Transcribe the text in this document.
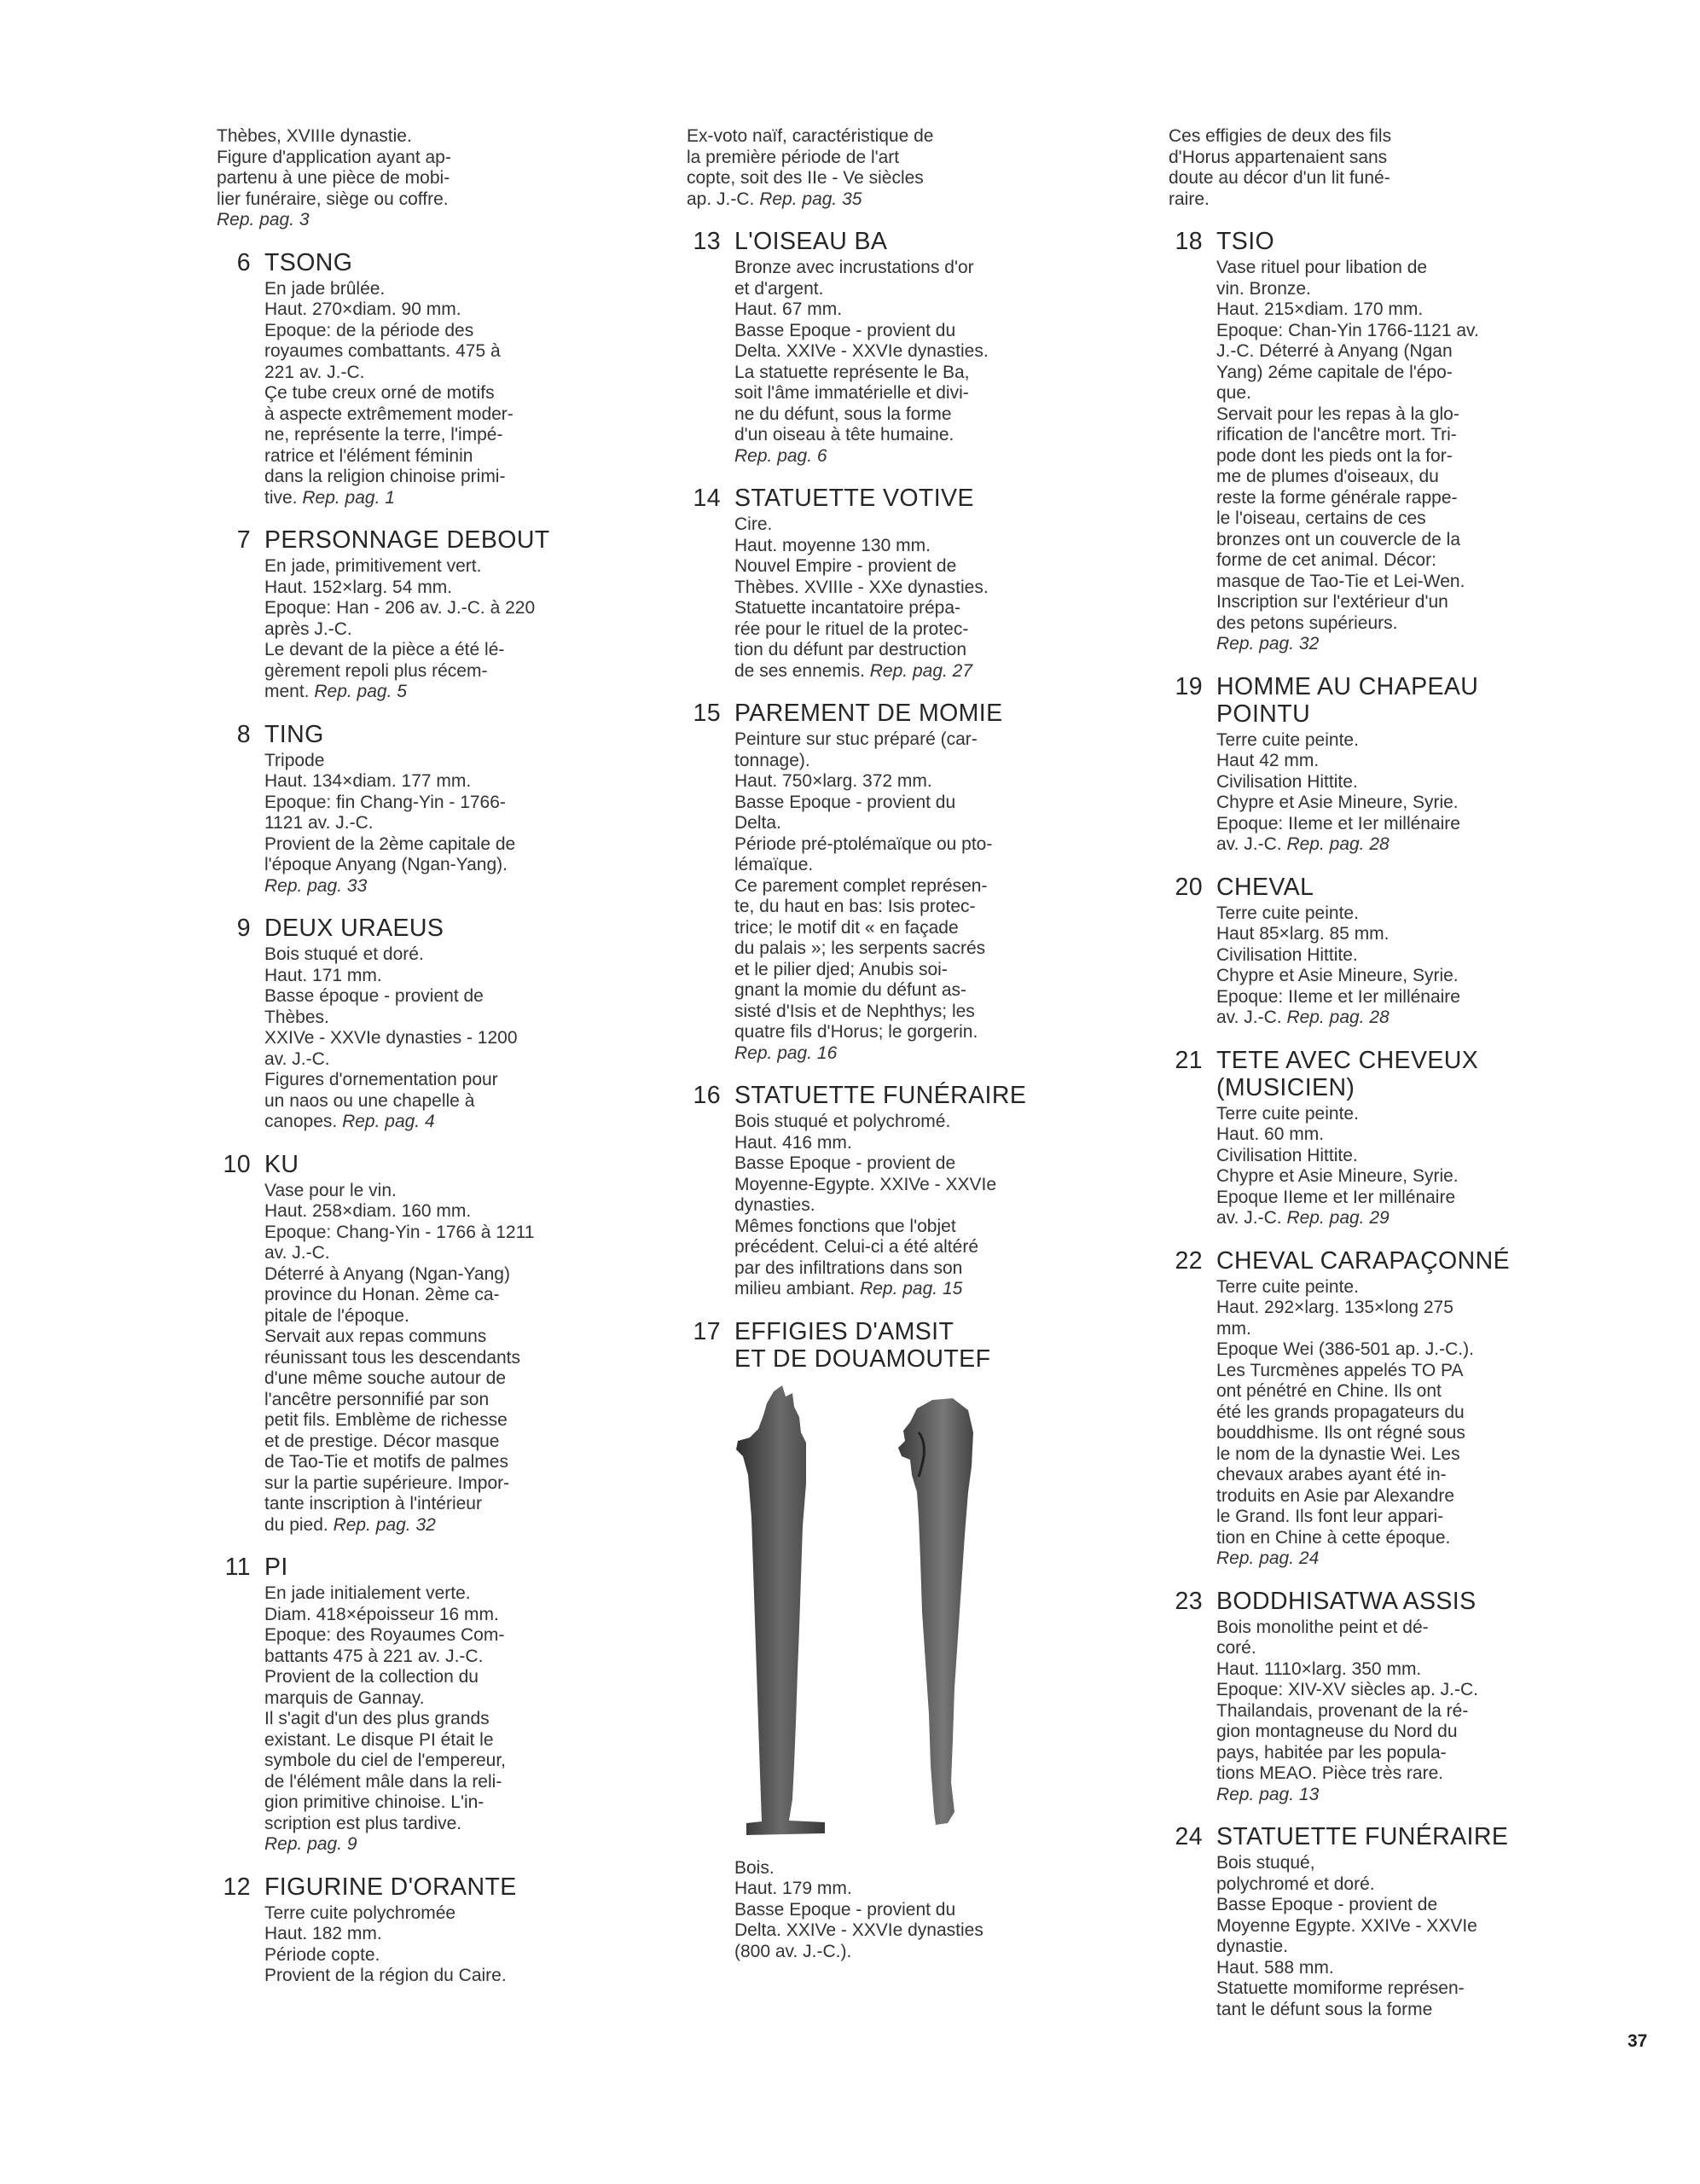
Thèbes, XVIIIe dynastie.
Figure d'application ayant ap-
partenu à une pièce de mobi-
lier funéraire, siège ou coffre.
Rep. pag. 3
6 TSONG
En jade brûlée.
Haut. 270×diam. 90 mm.
Epoque: de la période des
royaumes combattants. 475 à
221 av. J.-C.
Çe tube creux orné de motifs
à aspecte extrêmement moder-
ne, représente la terre, l'impé-
ratrice et l'élément féminin
dans la religion chinoise primi-
tive. Rep. pag. 1
7 PERSONNAGE DEBOUT
En jade, primitivement vert.
Haut. 152×larg. 54 mm.
Epoque: Han - 206 av. J.-C. à 220
après J.-C.
Le devant de la pièce a été lé-
gèrement repoli plus récem-
ment. Rep. pag. 5
8 TING
Tripode
Haut. 134×diam. 177 mm.
Epoque: fin Chang-Yin - 1766-
1121 av. J.-C.
Provient de la 2ème capitale de
l'époque Anyang (Ngan-Yang).
Rep. pag. 33
9 DEUX URAEUS
Bois stuqué et doré.
Haut. 171 mm.
Basse époque - provient de
Thèbes.
XXIVe - XXVIe dynasties - 1200
av. J.-C.
Figures d'ornementation pour
un naos ou une chapelle à
canopes. Rep. pag. 4
10 KU
Vase pour le vin.
Haut. 258×diam. 160 mm.
Epoque: Chang-Yin - 1766 à 1211
av. J.-C.
Déterré à Anyang (Ngan-Yang)
province du Honan. 2ème ca-
pitale de l'époque.
Servait aux repas communs
réunissant tous les descendants
d'une même souche autour de
l'ancêtre personnifié par son
petit fils. Emblème de richesse
et de prestige. Décor masque
de Tao-Tie et motifs de palmes
sur la partie supérieure. Impor-
tante inscription à l'intérieur
du pied. Rep. pag. 32
11 PI
En jade initialement verte.
Diam. 418×époisseur 16 mm.
Epoque: des Royaumes Com-
battants 475 à 221 av. J.-C.
Provient de la collection du
marquis de Gannay.
Il s'agit d'un des plus grands
existant. Le disque PI était le
symbole du ciel de l'empereur,
de l'élément mâle dans la reli-
gion primitive chinoise. L'in-
scription est plus tardive.
Rep. pag. 9
12 FIGURINE D'ORANTE
Terre cuite polychromée
Haut. 182 mm.
Période copte.
Provient de la région du Caire.
Ex-voto naïf, caractéristique de
la première période de l'art
copte, soit des IIe - Ve siècles
ap. J.-C. Rep. pag. 35
13 L'OISEAU BA
Bronze avec incrustations d'or
et d'argent.
Haut. 67 mm.
Basse Epoque - provient du
Delta. XXIVe - XXVIe dynasties.
La statuette représente le Ba,
soit l'âme immatérielle et divi-
ne du défunt, sous la forme
d'un oiseau à tête humaine.
Rep. pag. 6
14 STATUETTE VOTIVE
Cire.
Haut. moyenne 130 mm.
Nouvel Empire - provient de
Thèbes. XVIIIe - XXe dynasties.
Statuette incantatoire prépa-
rée pour le rituel de la protec-
tion du défunt par destruction
de ses ennemis. Rep. pag. 27
15 PAREMENT DE MOMIE
Peinture sur stuc préparé (car-
tonnage).
Haut. 750×larg. 372 mm.
Basse Epoque - provient du
Delta.
Période pré-ptolémaïque ou pto-
lémaïque.
Ce parement complet représen-
te, du haut en bas: Isis protec-
trice; le motif dit « en façade
du palais »; les serpents sacrés
et le pilier djed; Anubis soi-
gnant la momie du défunt as-
sisté d'Isis et de Nephthys; les
quatre fils d'Horus; le gorgerin.
Rep. pag. 16
16 STATUETTE FUNÉRAIRE
Bois stuqué et polychromé.
Haut. 416 mm.
Basse Epoque - provient de
Moyenne-Egypte. XXIVe - XXVIe
dynasties.
Mêmes fonctions que l'objet
précédent. Celui-ci a été altéré
par des infiltrations dans son
milieu ambiant. Rep. pag. 15
17 EFFIGIES D'AMSIT
ET DE DOUAMOUTEF
Bois.
Haut. 179 mm.
Basse Epoque - provient du
Delta. XXIVe - XXVIe dynasties
(800 av. J.-C.).
Ces effigies de deux des fils
d'Horus appartenaient sans
doute au décor d'un lit funé-
raire.
18 TSIO
Vase rituel pour libation de
vin. Bronze.
Haut. 215×diam. 170 mm.
Epoque: Chan-Yin 1766-1121 av.
J.-C. Déterré à Anyang (Ngan
Yang) 2éme capitale de l'épo-
que.
Servait pour les repas à la glo-
rification de l'ancêtre mort. Tri-
pode dont les pieds ont la for-
me de plumes d'oiseaux, du
reste la forme générale rappe-
le l'oiseau, certains de ces
bronzes ont un couvercle de la
forme de cet animal. Décor:
masque de Tao-Tie et Lei-Wen.
Inscription sur l'extérieur d'un
des petons supérieurs.
Rep. pag. 32
19 HOMME AU CHAPEAU
POINTU
Terre cuite peinte.
Haut 42 mm.
Civilisation Hittite.
Chypre et Asie Mineure, Syrie.
Epoque: IIeme et Ier millénaire
av. J.-C. Rep. pag. 28
20 CHEVAL
Terre cuite peinte.
Haut 85×larg. 85 mm.
Civilisation Hittite.
Chypre et Asie Mineure, Syrie.
Epoque: IIeme et Ier millénaire
av. J.-C. Rep. pag. 28
21 TETE AVEC CHEVEUX
(MUSICIEN)
Terre cuite peinte.
Haut. 60 mm.
Civilisation Hittite.
Chypre et Asie Mineure, Syrie.
Epoque IIeme et Ier millénaire
av. J.-C. Rep. pag. 29
22 CHEVAL CARAPAÇONNÉ
Terre cuite peinte.
Haut. 292×larg. 135×long 275
mm.
Epoque Wei (386-501 ap. J.-C.).
Les Turcmènes appelés TO PA
ont pénétré en Chine. Ils ont
été les grands propagateurs du
bouddhisme. Ils ont régné sous
le nom de la dynastie Wei. Les
chevaux arabes ayant été in-
troduits en Asie par Alexandre
le Grand. Ils font leur appari-
tion en Chine à cette époque.
Rep. pag. 24
23 BODDHISATWA ASSIS
Bois monolithe peint et dé-
coré.
Haut. 1110×larg. 350 mm.
Epoque: XIV-XV siècles ap. J.-C.
Thailandais, provenant de la ré-
gion montagneuse du Nord du
pays, habitée par les popula-
tions MEAO. Pièce très rare.
Rep. pag. 13
24 STATUETTE FUNÉRAIRE
Bois stuqué,
polychromé et doré.
Basse Epoque - provient de
Moyenne Egypte. XXIVe - XXVIe
dynastie.
Haut. 588 mm.
Statuette momiforme représen-
tant le défunt sous la forme
37
